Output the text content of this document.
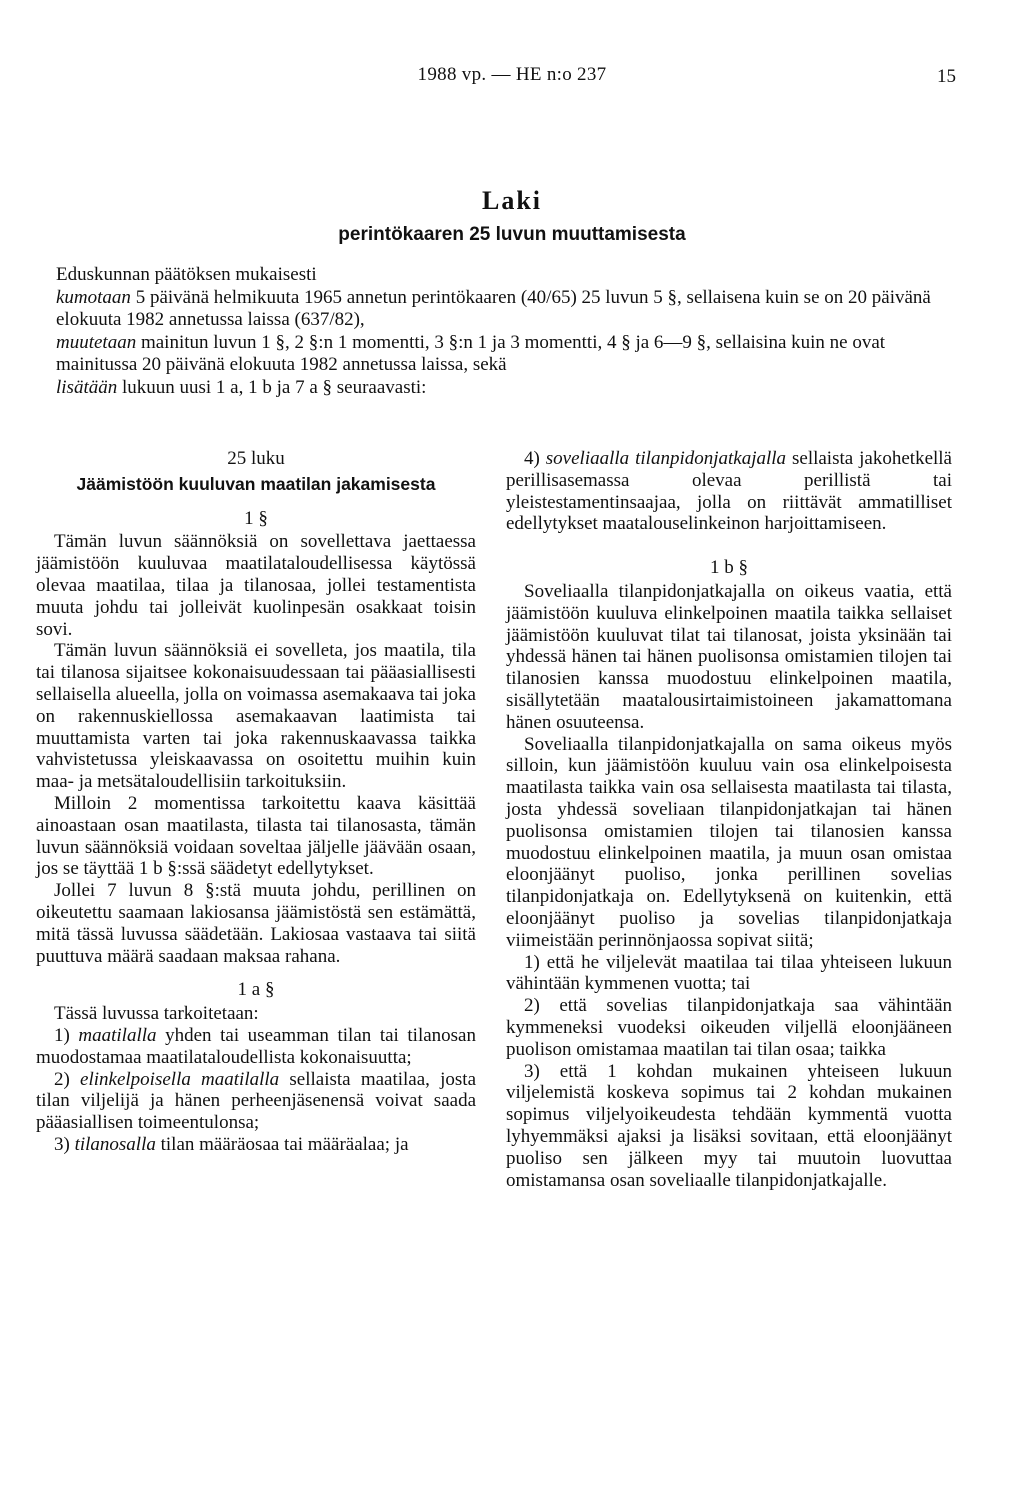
1988 vp. — HE n:o 237	15
Laki
perintökaaren 25 luvun muuttamisesta

Eduskunnan päätöksen mukaisesti

kumotaan 5 päivänä helmikuuta 1965 annetun perintökaaren (40/65) 25 luvun 5 §, sellaisena kuin se on 20 päivänä elokuuta 1982 annetussa laissa (637/82),

muutetaan mainitun luvun 1 §, 2 §:n 1 momentti, 3 §:n 1 ja 3 momentti, 4 § ja 6—9 §, sellaisina kuin ne ovat mainitussa 20 päivänä elokuuta 1982 annetussa laissa, sekä

lisätään lukuun uusi 1 a, 1 b ja 7 a § seuraavasti:

25 luku

Jäämistöön kuuluvan maatilan jakamisesta

1 §

Tämän luvun säännöksiä on sovellettava jaettaessa jäämistöön kuuluvaa maatilataloudellisessa käytössä olevaa maatilaa, tilaa ja tilanosaa, jollei testamentista muuta johdu tai jolleivät kuolinpesän osakkaat toisin sovi.

Tämän luvun säännöksiä ei sovelleta, jos maatila, tila tai tilanosa sijaitsee kokonaisuudessaan tai pääasiallisesti sellaisella alueella, jolla on voimassa asemakaava tai joka on rakennuskiellossa asemakaavan laatimista tai muuttamista varten tai joka rakennuskaavassa taikka vahvistetussa yleiskaavassa on osoitettu muihin kuin maa- ja metsätaloudellisiin tarkoituksiin.

Milloin 2 momentissa tarkoitettu kaava käsittää ainoastaan osan maatilasta, tilasta tai tilanosasta, tämän luvun säännöksiä voidaan soveltaa jäljelle jäävään osaan, jos se täyttää 1 b §:ssä säädetyt edellytykset.

Jollei 7 luvun 8 §:stä muuta johdu, perillinen on oikeutettu saamaan lakiosansa jäämistöstä sen estämättä, mitä tässä luvussa säädetään. Lakiosaa vastaava tai siitä puuttuva määrä saadaan maksaa rahana.

1 a §

Tässä luvussa tarkoitetaan:

1) maatilalla yhden tai useamman tilan tai tilanosan muodostamaa maatilataloudellista kokonaisuutta;

2) elinkelpoisella maatilalla sellaista maatilaa, josta tilan viljelijä ja hänen perheenjäsenensä voivat saada pääasiallisen toimeentulonsa;

3) tilanosalla tilan määräosaa tai määräalaa; ja

4) soveliaalla tilanpidonjatkajalla sellaista jakohetkellä perillisasemassa olevaa perillistä tai yleistestamentinsaajaa, jolla on riittävät ammatilliset edellytykset maatalouselinkeinon harjoittamiseen.

1 b §

Soveliaalla tilanpidonjatkajalla on oikeus vaatia, että jäämistöön kuuluva elinkelpoinen maatila taikka sellaiset jäämistöön kuuluvat tilat tai tilanosat, joista yksinään tai yhdessä hänen tai hänen puolisonsa omistamien tilojen tai tilanosien kanssa muodostuu elinkelpoinen maatila, sisällytetään maatalousirtaimistoineen jakamattomana hänen osuuteensa.

Soveliaalla tilanpidonjatkajalla on sama oikeus myös silloin, kun jäämistöön kuuluu vain osa elinkelpoisesta maatilasta taikka vain osa sellaisesta maatilasta tai tilasta, josta yhdessä soveliaan tilanpidonjatkajan tai hänen puolisonsa omistamien tilojen tai tilanosien kanssa muodostuu elinkelpoinen maatila, ja muun osan omistaa eloonjäänyt puoliso, jonka perillinen sovelias tilanpidonjatkaja on. Edellytyksenä on kuitenkin, että eloonjäänyt puoliso ja sovelias tilanpidonjatkaja viimeistään perinnönjaossa sopivat siitä;

1) että he viljelevät maatilaa tai tilaa yhteiseen lukuun vähintään kymmenen vuotta; tai

2) että sovelias tilanpidonjatkaja saa vähintään kymmeneksi vuodeksi oikeuden viljellä eloonjääneen puolison omistamaa maatilan tai tilan osaa; taikka

3) että 1 kohdan mukainen yhteiseen lukuun viljelemistä koskeva sopimus tai 2 kohdan mukainen sopimus viljelyoikeudesta tehdään kymmentä vuotta lyhyemmäksi ajaksi ja lisäksi sovitaan, että eloonjäänyt puoliso sen jälkeen myy tai muutoin luovuttaa omistamansa osan soveliaalle tilanpidonjatkajalle.
